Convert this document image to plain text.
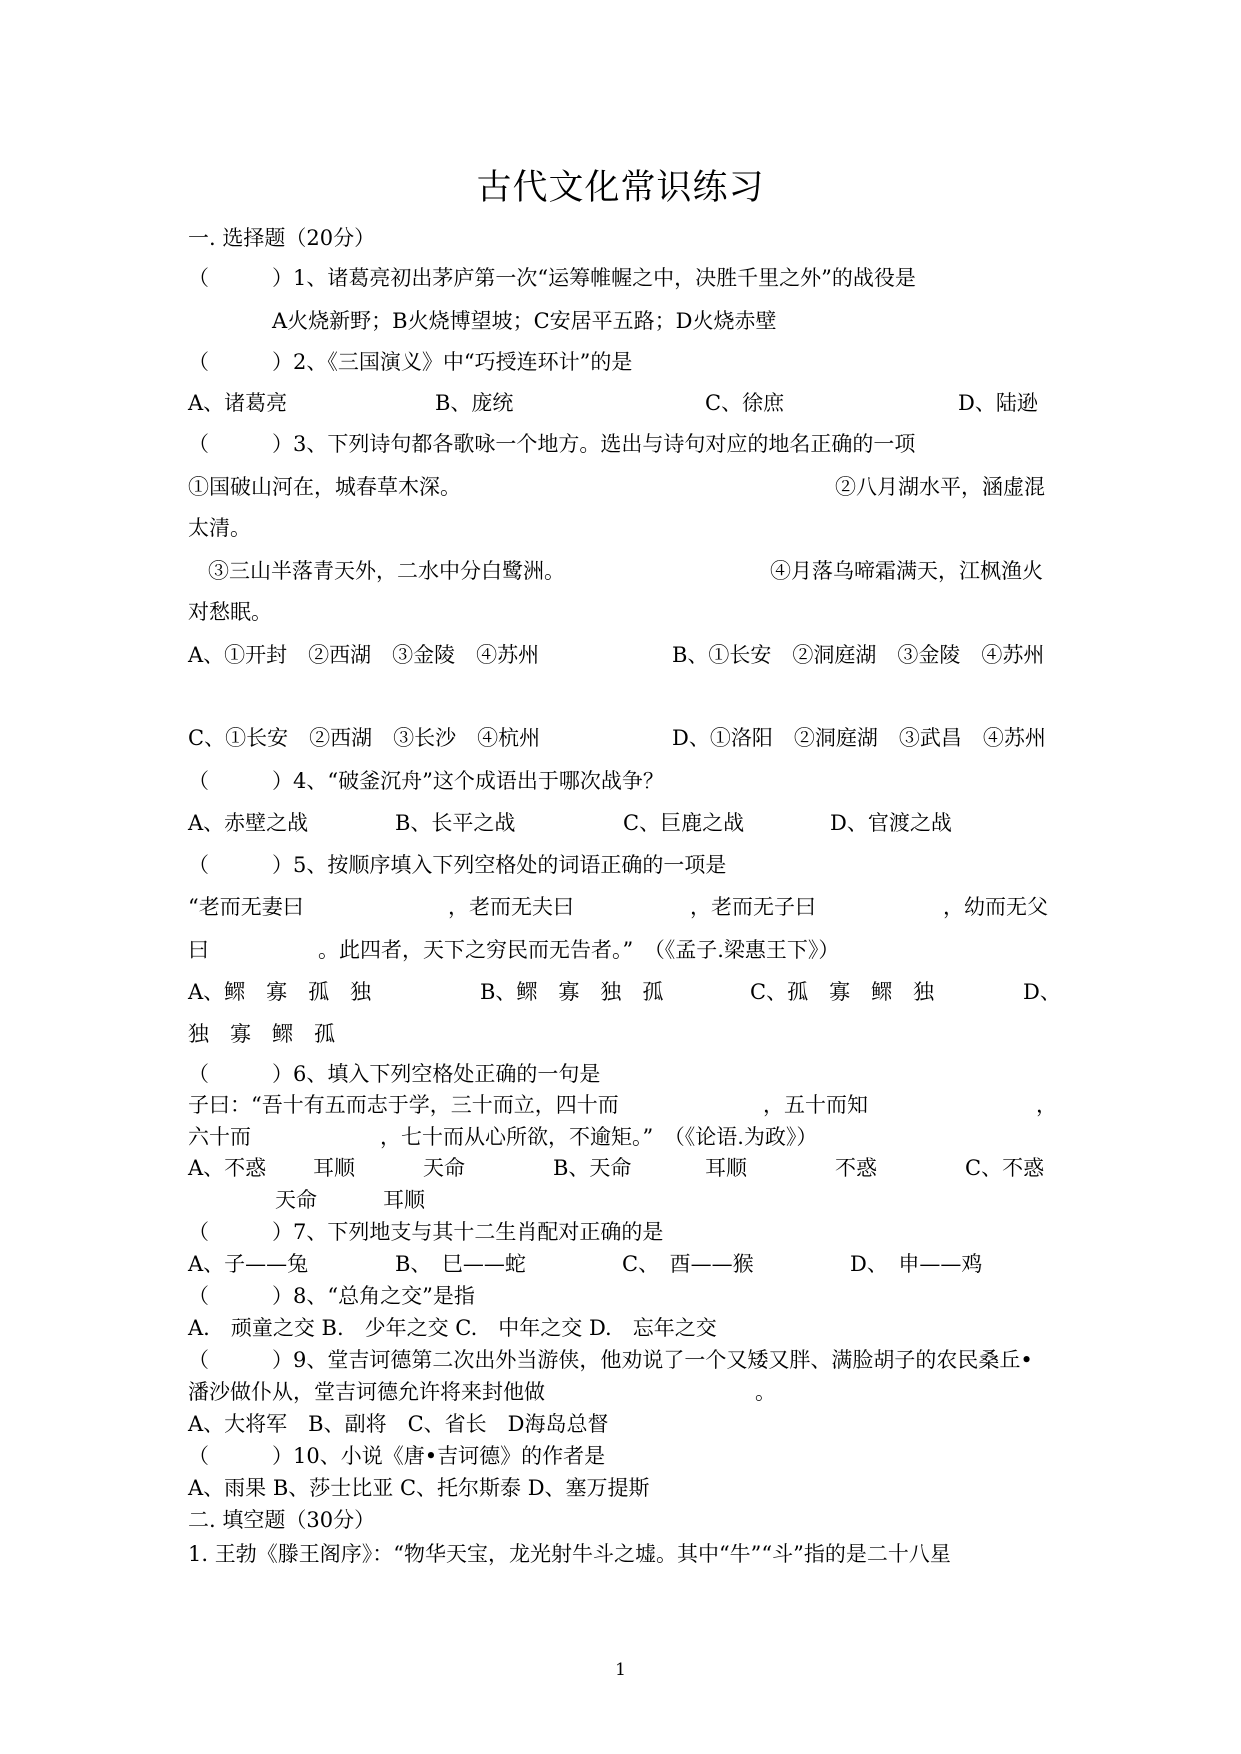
古代文化常识练习
一. 选择题（20分）
（　　　）1、诸葛亮初出茅庐第一次“运筹帷幄之中，决胜千里之外”的战役是
A火烧新野；B火烧博望坡；C安居平五路；D火烧赤壁
（　　　）2、《三国演义》中“巧授连环计”的是
A、诸葛亮	B、庞统	C、徐庶	D、陆逊
（　　　）3、下列诗句都各歌咏一个地方。选出与诗句对应的地名正确的一项
①国破山河在，城春草木深。	②八月湖水平，涵虚混
太清。
③三山半落青天外，二水中分白鹭洲。	④月落乌啼霜满天，江枫渔火
对愁眠。
A、①开封　②西湖　③金陵　④苏州	B、①长安　②洞庭湖　③金陵　④苏州
C、①长安　②西湖　③长沙　④杭州	D、①洛阳　②洞庭湖　③武昌　④苏州
（　　　）4、“破釜沉舟”这个成语出于哪次战争？
A、赤壁之战	B、长平之战	C、巨鹿之战	D、官渡之战
（　　　）5、按顺序填入下列空格处的词语正确的一项是
“老而无妻曰	，老而无夫曰	，老而无子曰	，幼而无父
曰	。此四者，天下之穷民而无告者。”　（《孟子.梁惠王下》）
A、鳏　寡　孤　独	B、鳏　寡　独　孤	C、孤　寡　鳏　独	D、
独　寡　鳏　孤
（　　　）6、填入下列空格处正确的一句是
子曰：“吾十有五而志于学，三十而立，四十而	，五十而知	，
六十而	，七十而从心所欲，不逾矩。”　（《论语.为政》）
A、不惑 耳顺	天命	B、天命	耳顺	不惑	C、不惑
天命	耳顺
（　　　）7、下列地支与其十二生肖配对正确的是
A、子——兔	B、　巳——蛇	C、　酉——猴	D、　申——鸡
（　　　）8、“总角之交”是指
A.　顽童之交 B.　少年之交 C.　中年之交 D.　忘年之交
（　　　）9、堂吉诃德第二次出外当游侠，他劝说了一个又矮又胖、满脸胡子的农民桑丘•
潘沙做仆从，堂吉诃德允许将来封他做　　　　　　　　　　。
A、大将军　B、副将　C、省长　D海岛总督
（　　　）10、小说《唐•吉诃德》的作者是
A、雨果 B、莎士比亚 C、托尔斯泰 D、塞万提斯
二. 填空题（30分）
1. 王勃《滕王阁序》：“物华天宝，龙光射牛斗之墟。其中“牛”“斗”指的是二十八星
1
